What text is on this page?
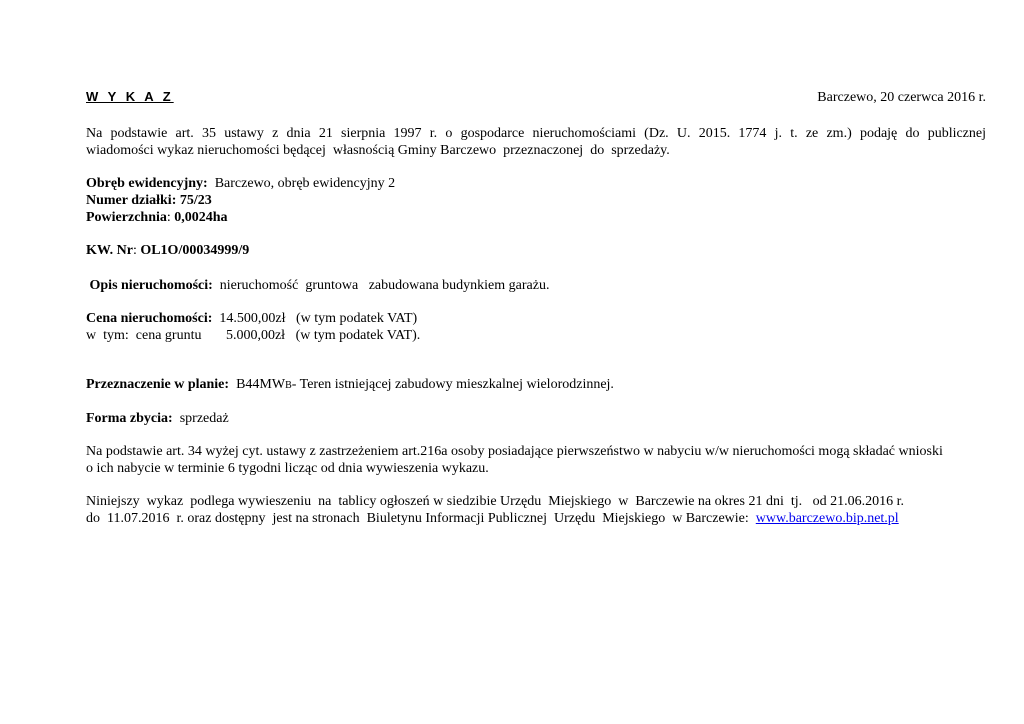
W Y K A Z	Barczewo, 20 czerwca 2016 r.

Na podstawie art. 35 ustawy z dnia 21 sierpnia 1997 r. o gospodarce nieruchomościami (Dz. U. 2015. 1774 j. t. ze zm.) podaję do publicznej

wiadomości wykaz nieruchomości będącej  własnością Gminy Barczewo  przeznaczonej  do  sprzedaży.

Obręb ewidencyjny:  Barczewo, obręb ewidencyjny 2

Numer działki: 75/23

Powierzchnia: 0,0024ha

KW. Nr: OL1O/00034999/9

Opis nieruchomości:  nieruchomość  gruntowa   zabudowana budynkiem garażu.

Cena nieruchomości:  14.500,00zł   (w tym podatek VAT)

w  tym:  cena gruntu       5.000,00zł   (w tym podatek VAT).

Przeznaczenie w planie:  B44MWB- Teren istniejącej zabudowy mieszkalnej wielorodzinnej.

Forma zbycia:  sprzedaż

Na podstawie art. 34 wyżej cyt. ustawy z zastrzeżeniem art.216a osoby posiadające pierwszeństwo w nabyciu w/w nieruchomości mogą składać wnioski

o ich nabycie w terminie 6 tygodni licząc od dnia wywieszenia wykazu.

Niniejszy  wykaz  podlega wywieszeniu  na  tablicy ogłoszeń w siedzibie Urzędu  Miejskiego  w  Barczewie na okres 21 dni  tj.   od 21.06.2016 r.

do  11.07.2016  r. oraz dostępny  jest na stronach  Biuletynu Informacji Publicznej  Urzędu  Miejskiego  w Barczewie:  www.barczewo.bip.net.pl
